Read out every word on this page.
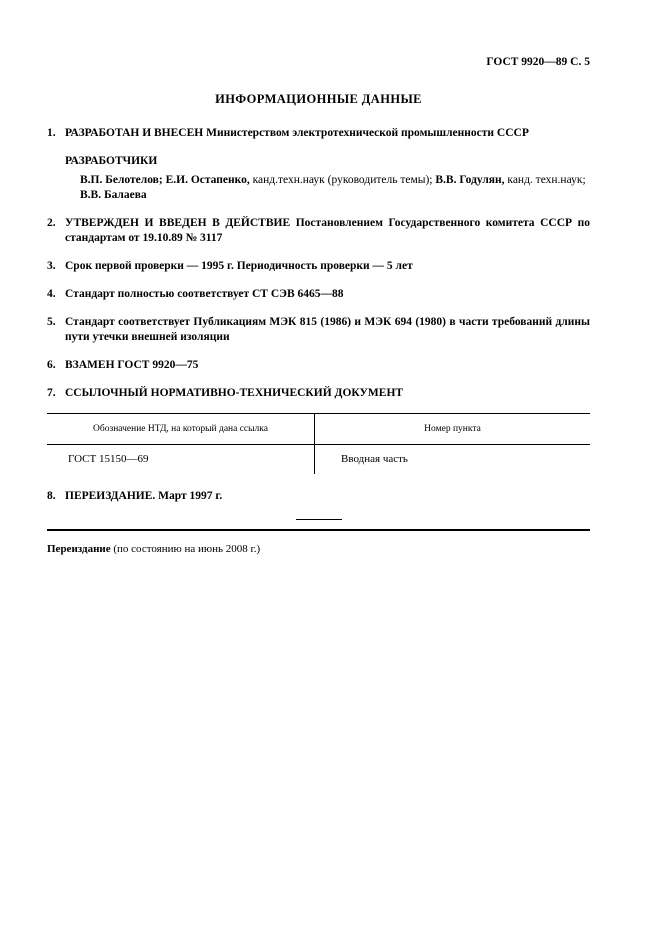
ГОСТ 9920—89 С. 5
ИНФОРМАЦИОННЫЕ ДАННЫЕ
1. РАЗРАБОТАН И ВНЕСЕН Министерством электротехнической промышленности СССР
РАЗРАБОТЧИКИ
В.П. Белотелов; Е.И. Остапенко, канд.техн.наук (руководитель темы); В.В. Годулян, канд. техн.наук; В.В. Балаева
2. УТВЕРЖДЕН И ВВЕДЕН В ДЕЙСТВИЕ Постановлением Государственного комитета СССР по стандартам от 19.10.89 № 3117
3. Срок первой проверки — 1995 г. Периодичность проверки — 5 лет
4. Стандарт полностью соответствует СТ СЭВ 6465—88
5. Стандарт соответствует Публикациям МЭК 815 (1986) и МЭК 694 (1980) в части требований длины пути утечки внешней изоляции
6. ВЗАМЕН ГОСТ 9920—75
7. ССЫЛОЧНЫЙ НОРМАТИВНО-ТЕХНИЧЕСКИЙ ДОКУМЕНТ
Обозначение НТД, на который дана ссылка	Номер пункта
ГОСТ 15150—69	Вводная часть
8. ПЕРЕИЗДАНИЕ. Март 1997 г.
Переиздание (по состоянию на июнь 2008 г.)
